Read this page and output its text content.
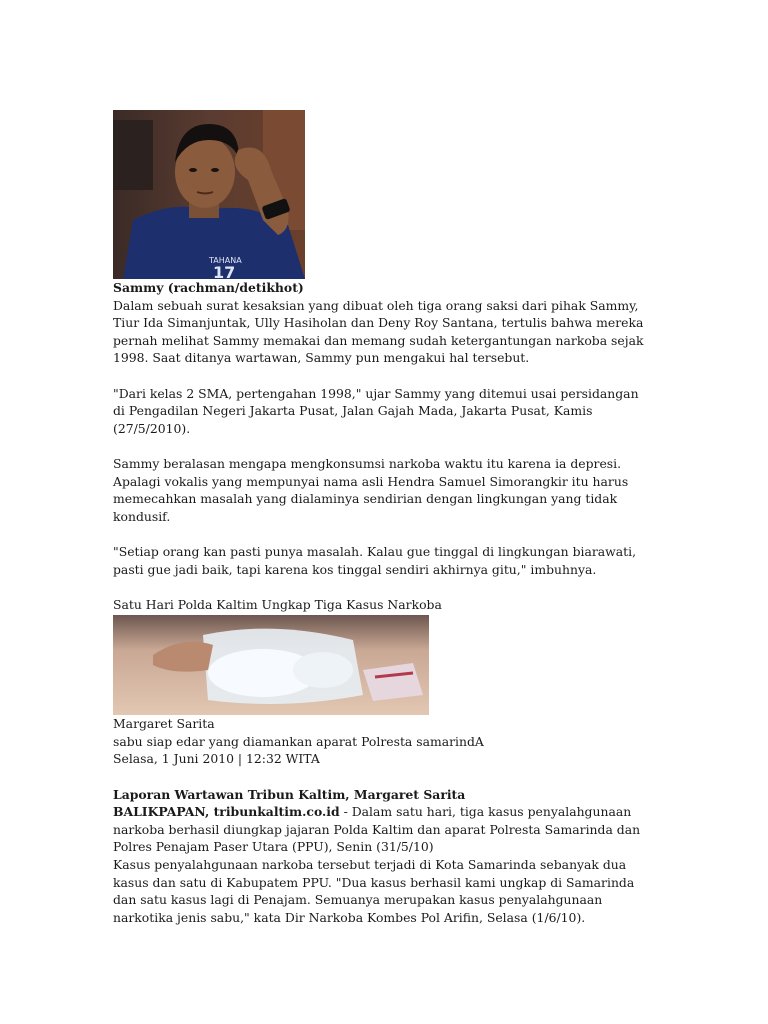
TAHANA
17

Sammy (rachman/detikhot)

Dalam sebuah surat kesaksian yang dibuat oleh tiga orang saksi dari pihak Sammy, Tiur Ida Simanjuntak, Ully Hasiholan dan Deny Roy Santana, tertulis bahwa mereka pernah melihat Sammy memakai dan memang sudah ketergantungan narkoba sejak 1998. Saat ditanya wartawan, Sammy pun mengakui hal tersebut.

"Dari kelas 2 SMA, pertengahan 1998," ujar Sammy yang ditemui usai persidangan di Pengadilan Negeri Jakarta Pusat, Jalan Gajah Mada, Jakarta Pusat, Kamis (27/5/2010).

Sammy beralasan mengapa mengkonsumsi narkoba waktu itu karena ia depresi. Apalagi vokalis yang mempunyai nama asli Hendra Samuel Simorangkir itu harus memecahkan masalah yang dialaminya sendirian dengan lingkungan yang tidak kondusif.

"Setiap orang kan pasti punya masalah. Kalau gue tinggal di lingkungan biarawati, pasti gue jadi baik, tapi karena kos tinggal sendiri akhirnya gitu," imbuhnya.

Satu Hari Polda Kaltim Ungkap Tiga Kasus Narkoba

Margaret Sarita

sabu siap edar yang diamankan aparat Polresta samarindA

Selasa, 1 Juni 2010 | 12:32 WITA

Laporan Wartawan Tribun Kaltim, Margaret Sarita

BALIKPAPAN, tribunkaltim.co.id - Dalam satu hari, tiga kasus penyalahgunaan narkoba berhasil diungkap jajaran Polda Kaltim dan aparat Polresta Samarinda dan Polres Penajam Paser Utara (PPU), Senin (31/5/10)

Kasus penyalahgunaan narkoba tersebut terjadi di Kota Samarinda sebanyak dua kasus dan satu di Kabupatem PPU. "Dua kasus berhasil kami ungkap di Samarinda dan satu kasus lagi di Penajam. Semuanya merupakan kasus penyalahgunaan narkotika jenis sabu," kata Dir Narkoba Kombes Pol Arifin, Selasa (1/6/10).
